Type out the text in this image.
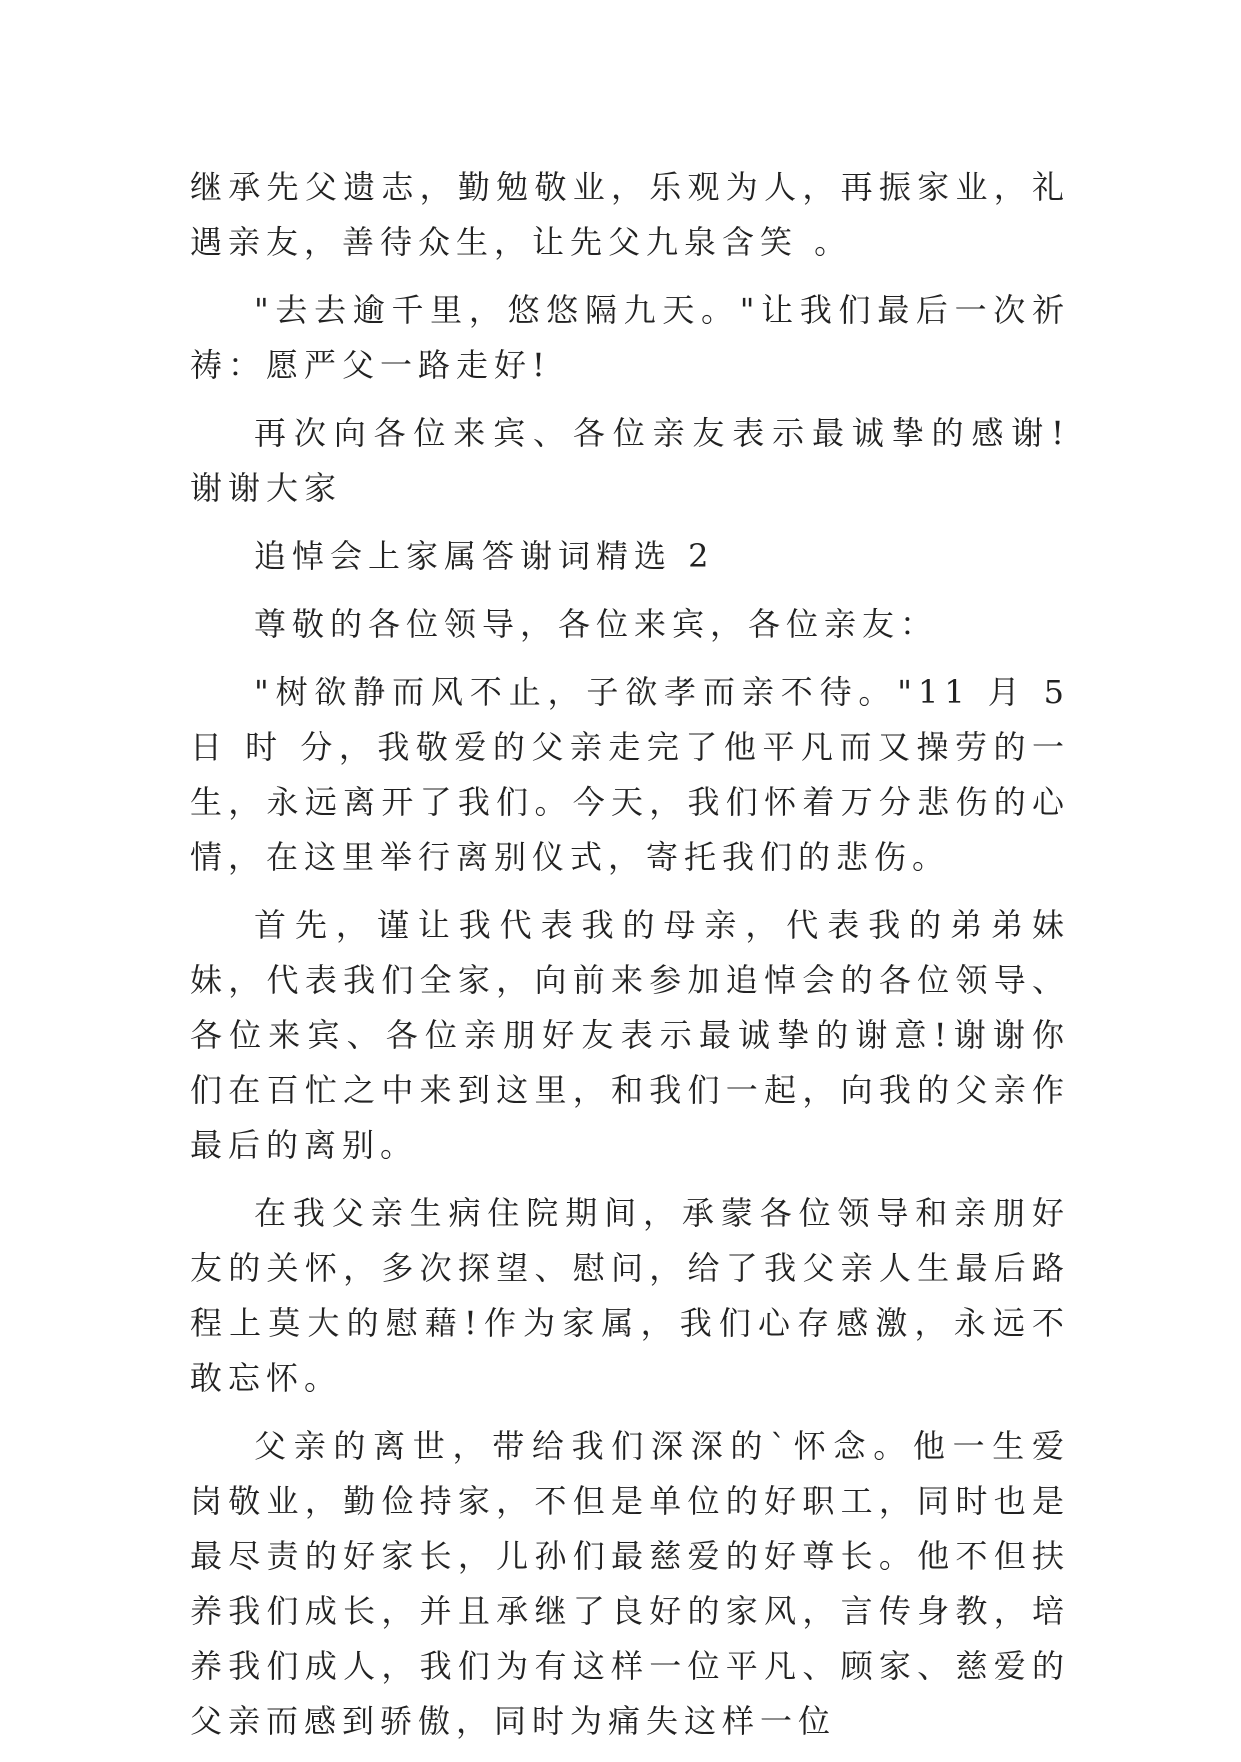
继承先父遗志，勤勉敬业，乐观为人，再振家业，礼遇亲友，善待众生，让先父九泉含笑 。

"去去逾千里，悠悠隔九天。"让我们最后一次祈祷：愿严父一路走好!

再次向各位来宾、各位亲友表示最诚挚的感谢!谢谢大家

追悼会上家属答谢词精选 2

尊敬的各位领导，各位来宾，各位亲友：

"树欲静而风不止，子欲孝而亲不待。"11 月 5 日 时 分，我敬爱的父亲走完了他平凡而又操劳的一生，永远离开了我们。今天，我们怀着万分悲伤的心情，在这里举行离别仪式，寄托我们的悲伤。

首先，谨让我代表我的母亲，代表我的弟弟妹妹，代表我们全家，向前来参加追悼会的各位领导、各位来宾、各位亲朋好友表示最诚挚的谢意!谢谢你们在百忙之中来到这里，和我们一起，向我的父亲作最后的离别。

在我父亲生病住院期间，承蒙各位领导和亲朋好友的关怀，多次探望、慰问，给了我父亲人生最后路程上莫大的慰藉!作为家属，我们心存感激，永远不敢忘怀。

父亲的离世，带给我们深深的`怀念。他一生爱岗敬业，勤俭持家，不但是单位的好职工，同时也是最尽责的好家长，儿孙们最慈爱的好尊长。他不但扶养我们成长，并且承继了良好的家风，言传身教，培养我们成人，我们为有这样一位平凡、顾家、慈爱的父亲而感到骄傲，同时为痛失这样一位
